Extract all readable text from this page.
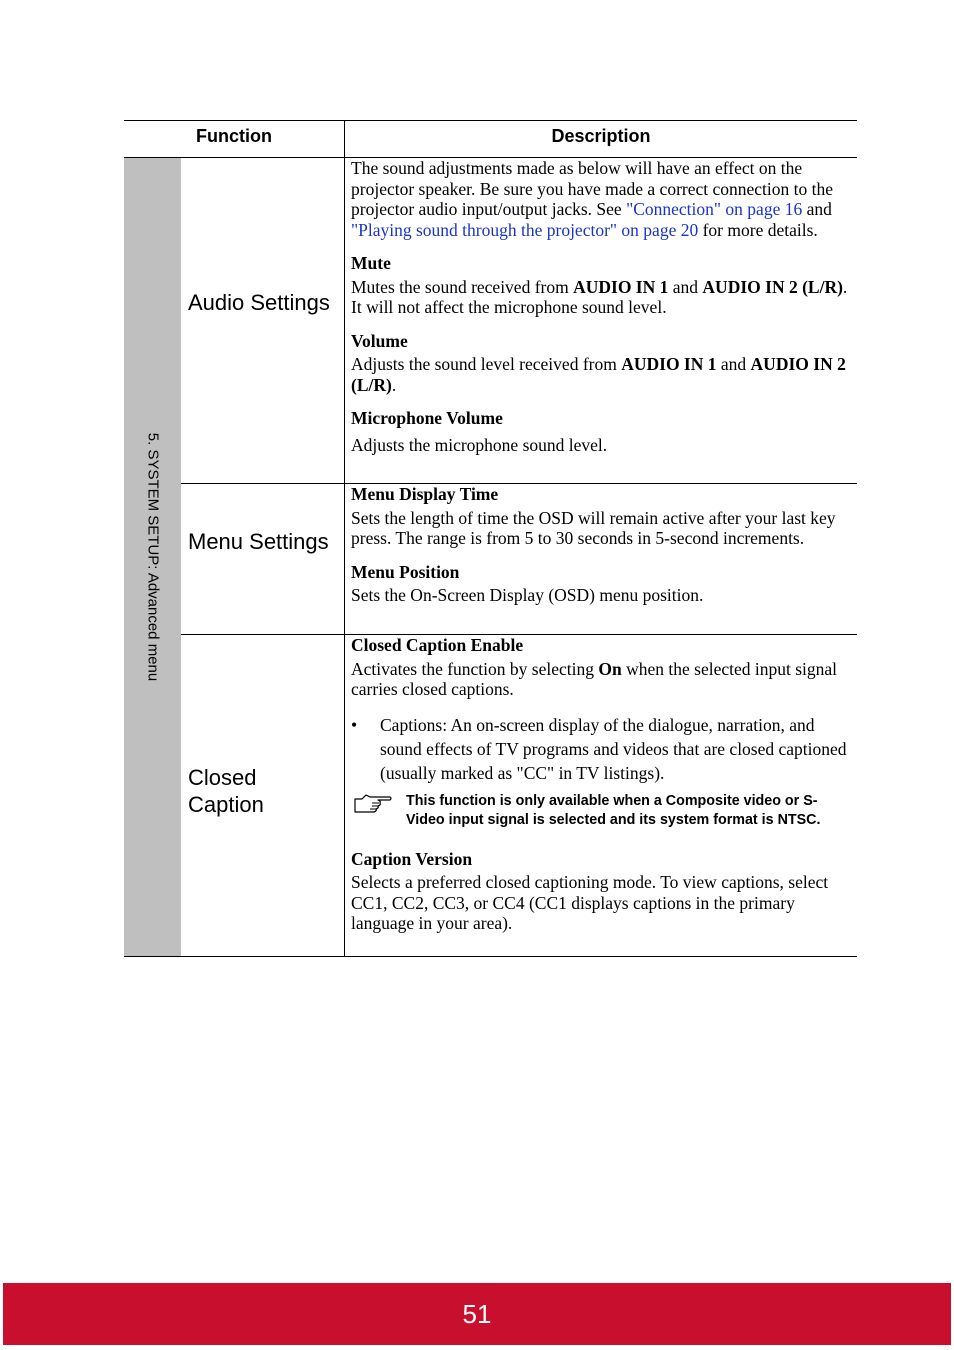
Function	Description
5. SYSTEM SETUP: Advanced menu
Audio Settings
Menu Settings
Closed Caption

The sound adjustments made as below will have an effect on the projector speaker. Be sure you have made a correct connection to the projector audio input/output jacks. See "Connection" on page 16 and "Playing sound through the projector" on page 20 for more details.

Mute

Mutes the sound received from AUDIO IN 1 and AUDIO IN 2 (L/R). It will not affect the microphone sound level.

Volume

Adjusts the sound level received from AUDIO IN 1 and AUDIO IN 2 (L/R).

Microphone Volume

Adjusts the microphone sound level.

Menu Display Time

Sets the length of time the OSD will remain active after your last key press. The range is from 5 to 30 seconds in 5-second increments.

Menu Position

Sets the On-Screen Display (OSD) menu position.

Closed Caption Enable

Activates the function by selecting On when the selected input signal carries closed captions.

• Captions: An on-screen display of the dialogue, narration, and sound effects of TV programs and videos that are closed captioned (usually marked as "CC" in TV listings).
This function is only available when a Composite video or S-Video input signal is selected and its system format is NTSC.

Caption Version

Selects a preferred closed captioning mode. To view captions, select CC1, CC2, CC3, or CC4 (CC1 displays captions in the primary language in your area).

51
